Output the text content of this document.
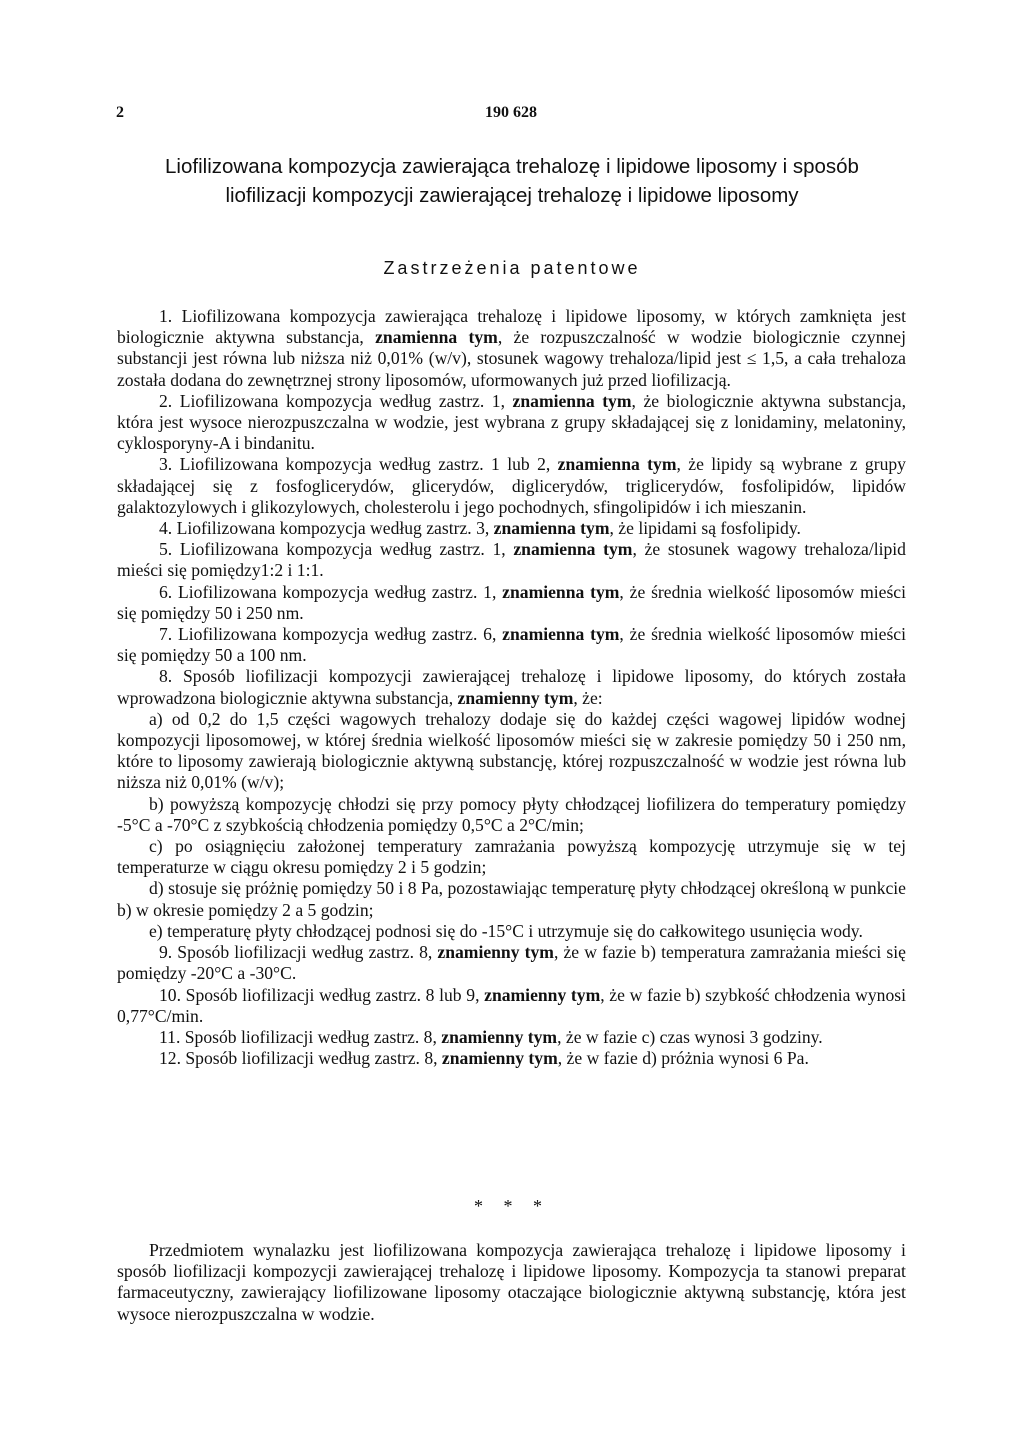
2	190 628
Liofilizowana kompozycja zawierająca trehalozę i lipidowe liposomy i sposób
liofilizacji kompozycji zawierającej trehalozę i lipidowe liposomy
Zastrzeżenia patentowe

1. Liofilizowana kompozycja zawierająca trehalozę i lipidowe liposomy, w których zamknięta jest biologicznie aktywna substancja, znamienna tym, że rozpuszczalność w wodzie biologicznie czynnej substancji jest równa lub niższa niż 0,01% (w/v), stosunek wagowy trehaloza/lipid jest ≤ 1,5, a cała trehaloza została dodana do zewnętrznej strony liposomów, uformowanych już przed liofilizacją.

2. Liofilizowana kompozycja według zastrz. 1, znamienna tym, że biologicznie aktywna substancja, która jest wysoce nierozpuszczalna w wodzie, jest wybrana z grupy składającej się z lonidaminy, melatoniny, cyklosporyny-A i bindanitu.

3. Liofilizowana kompozycja według zastrz. 1 lub 2, znamienna tym, że lipidy są wybrane z grupy składającej się z fosfoglicerydów, glicerydów, diglicerydów, triglicerydów, fosfolipidów, lipidów galaktozylowych i glikozylowych, cholesterolu i jego pochodnych, sfingolipidów i ich mieszanin.

4. Liofilizowana kompozycja według zastrz. 3, znamienna tym, że lipidami są fosfolipidy.

5. Liofilizowana kompozycja według zastrz. 1, znamienna tym, że stosunek wagowy trehaloza/lipid mieści się pomiędzy1:2 i 1:1.

6. Liofilizowana kompozycja według zastrz. 1, znamienna tym, że średnia wielkość liposomów mieści się pomiędzy 50 i 250 nm.

7. Liofilizowana kompozycja według zastrz. 6, znamienna tym, że średnia wielkość liposomów mieści się pomiędzy 50 a 100 nm.

8. Sposób liofilizacji kompozycji zawierającej trehalozę i lipidowe liposomy, do których została wprowadzona biologicznie aktywna substancja, znamienny tym, że:

a) od 0,2 do 1,5 części wagowych trehalozy dodaje się do każdej części wagowej lipidów wodnej kompozycji liposomowej, w której średnia wielkość liposomów mieści się w zakresie pomiędzy 50 i 250 nm, które to liposomy zawierają biologicznie aktywną substancję, której rozpuszczalność w wodzie jest równa lub niższa niż 0,01% (w/v);

b) powyższą kompozycję chłodzi się przy pomocy płyty chłodzącej liofilizera do temperatury pomiędzy -5°C a -70°C z szybkością chłodzenia pomiędzy 0,5°C a 2°C/min;

c) po osiągnięciu założonej temperatury zamrażania powyższą kompozycję utrzymuje się w tej temperaturze w ciągu okresu pomiędzy 2 i 5 godzin;

d) stosuje się próżnię pomiędzy 50 i 8 Pa, pozostawiając temperaturę płyty chłodzącej określoną w punkcie b) w okresie pomiędzy 2 a 5 godzin;

e) temperaturę płyty chłodzącej podnosi się do -15°C i utrzymuje się do całkowitego usunięcia wody.

9. Sposób liofilizacji według zastrz. 8, znamienny tym, że w fazie b) temperatura zamrażania mieści się pomiędzy -20°C a -30°C.

10. Sposób liofilizacji według zastrz. 8 lub 9, znamienny tym, że w fazie b) szybkość chłodzenia wynosi 0,77°C/min.

11. Sposób liofilizacji według zastrz. 8, znamienny tym, że w fazie c) czas wynosi 3 godziny.

12. Sposób liofilizacji według zastrz. 8, znamienny tym, że w fazie d) próżnia wynosi 6 Pa.

* * *

Przedmiotem wynalazku jest liofilizowana kompozycja zawierająca trehalozę i lipidowe liposomy i sposób liofilizacji kompozycji zawierającej trehalozę i lipidowe liposomy. Kompozycja ta stanowi preparat farmaceutyczny, zawierający liofilizowane liposomy otaczające biologicznie aktywną substancję, która jest wysoce nierozpuszczalna w wodzie.
